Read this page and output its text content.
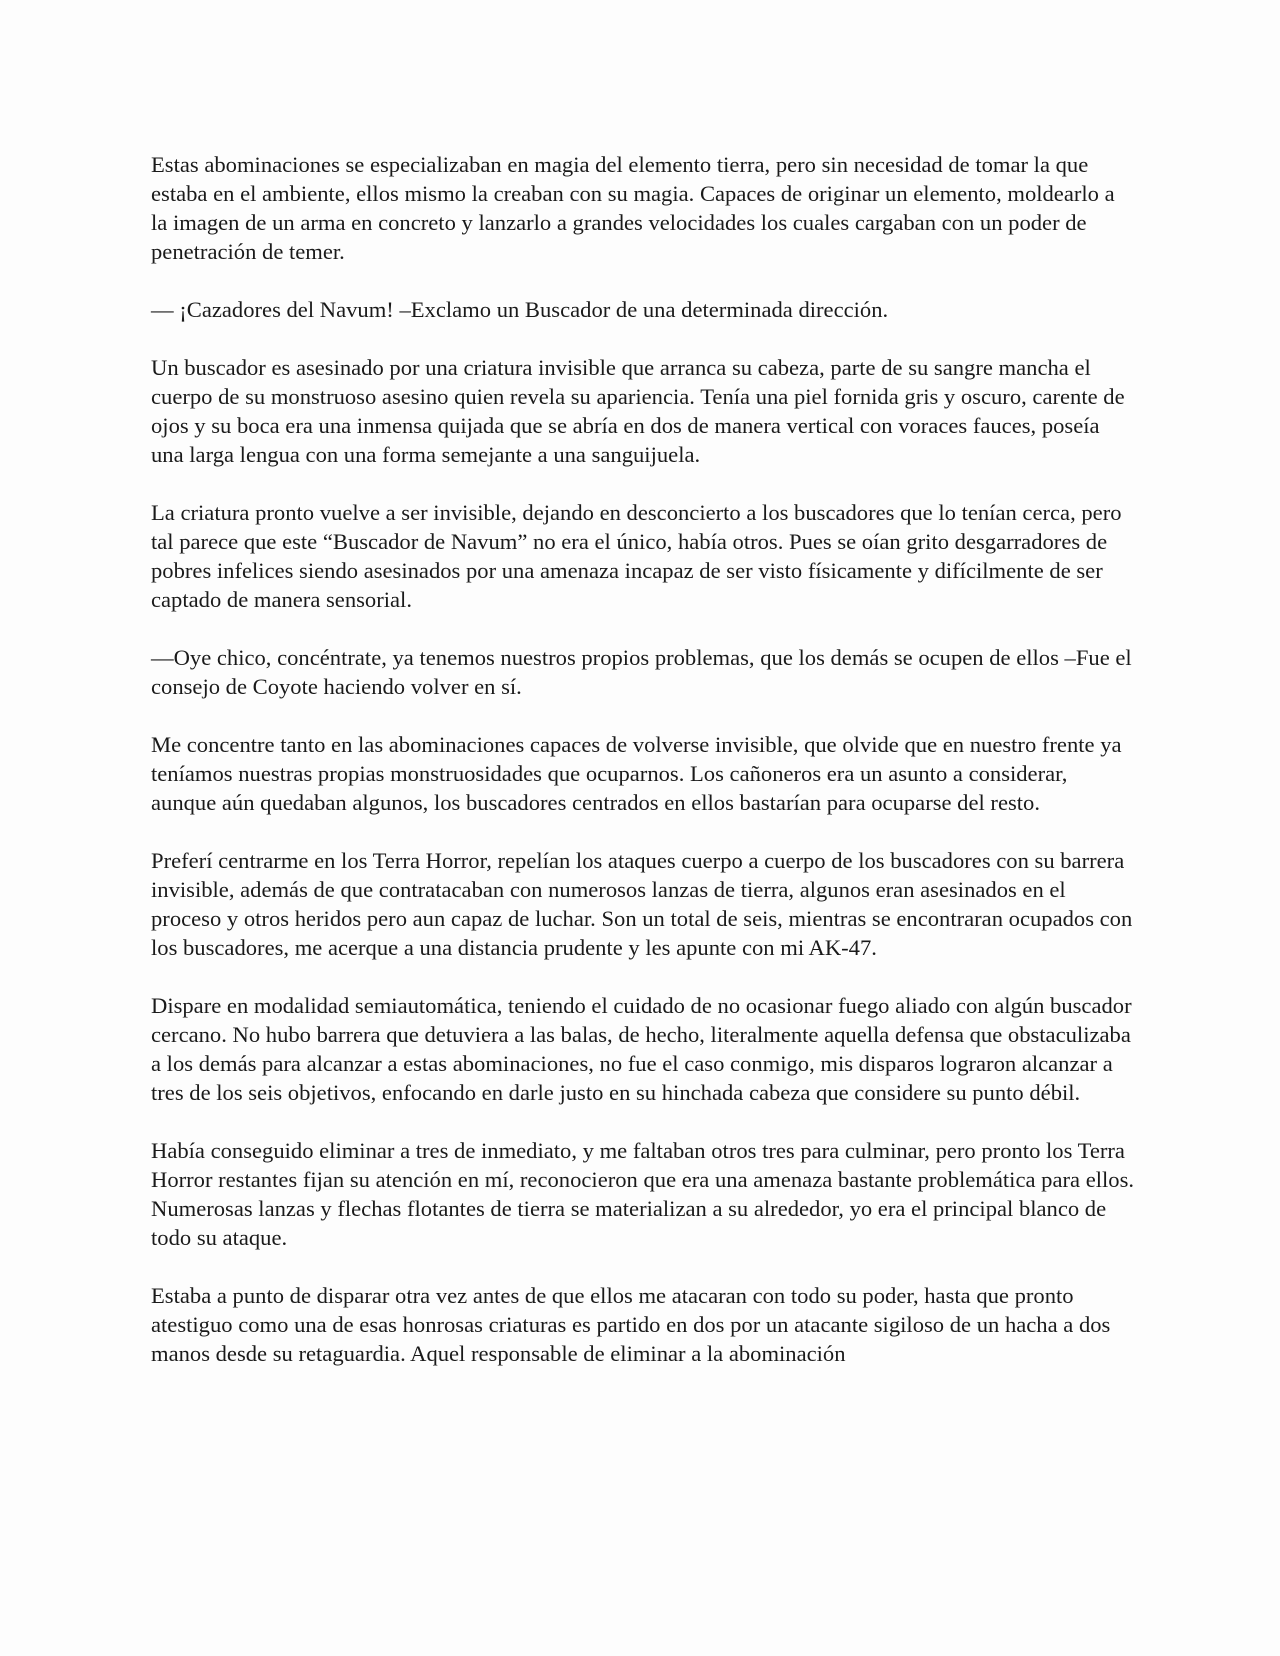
Estas abominaciones se especializaban en magia del elemento tierra, pero sin necesidad de tomar la que estaba en el ambiente, ellos mismo la creaban con su magia. Capaces de originar un elemento, moldearlo a la imagen de un arma en concreto y lanzarlo a grandes velocidades los cuales cargaban con un poder de penetración de temer.

— ¡Cazadores del Navum! –Exclamo un Buscador de una determinada dirección.

Un buscador es asesinado por una criatura invisible que arranca su cabeza, parte de su sangre mancha el cuerpo de su monstruoso asesino quien revela su apariencia. Tenía una piel fornida gris y oscuro, carente de ojos y su boca era una inmensa quijada que se abría en dos de manera vertical con voraces fauces, poseía una larga lengua con una forma semejante a una sanguijuela.

La criatura pronto vuelve a ser invisible, dejando en desconcierto a los buscadores que lo tenían cerca, pero tal parece que este “Buscador de Navum” no era el único, había otros. Pues se oían grito desgarradores de pobres infelices siendo asesinados por una amenaza incapaz de ser visto físicamente y difícilmente de ser captado de manera sensorial.

—Oye chico, concéntrate, ya tenemos nuestros propios problemas, que los demás se ocupen de ellos –Fue el consejo de Coyote haciendo volver en sí.

Me concentre tanto en las abominaciones capaces de volverse invisible, que olvide que en nuestro frente ya teníamos nuestras propias monstruosidades que ocuparnos. Los cañoneros era un asunto a considerar, aunque aún quedaban algunos, los buscadores centrados en ellos bastarían para ocuparse del resto.

Preferí centrarme en los Terra Horror, repelían los ataques cuerpo a cuerpo de los buscadores con su barrera invisible, además de que contratacaban con numerosos lanzas de tierra, algunos eran asesinados en el proceso y otros heridos pero aun capaz de luchar. Son un total de seis, mientras se encontraran ocupados con los buscadores, me acerque a una distancia prudente y les apunte con mi AK-47.

Dispare en modalidad semiautomática, teniendo el cuidado de no ocasionar fuego aliado con algún buscador cercano. No hubo barrera que detuviera a las balas, de hecho, literalmente aquella defensa que obstaculizaba a los demás para alcanzar a estas abominaciones, no fue el caso conmigo, mis disparos lograron alcanzar a tres de los seis objetivos, enfocando en darle justo en su hinchada cabeza que considere su punto débil.

Había conseguido eliminar a tres de inmediato, y me faltaban otros tres para culminar, pero pronto los Terra Horror restantes fijan su atención en mí, reconocieron que era una amenaza bastante problemática para ellos. Numerosas lanzas y flechas flotantes de tierra se materializan a su alrededor, yo era el principal blanco de todo su ataque.

Estaba a punto de disparar otra vez antes de que ellos me atacaran con todo su poder, hasta que pronto atestiguo como una de esas honrosas criaturas es partido en dos por un atacante sigiloso de un hacha a dos manos desde su retaguardia. Aquel responsable de eliminar a la abominación
